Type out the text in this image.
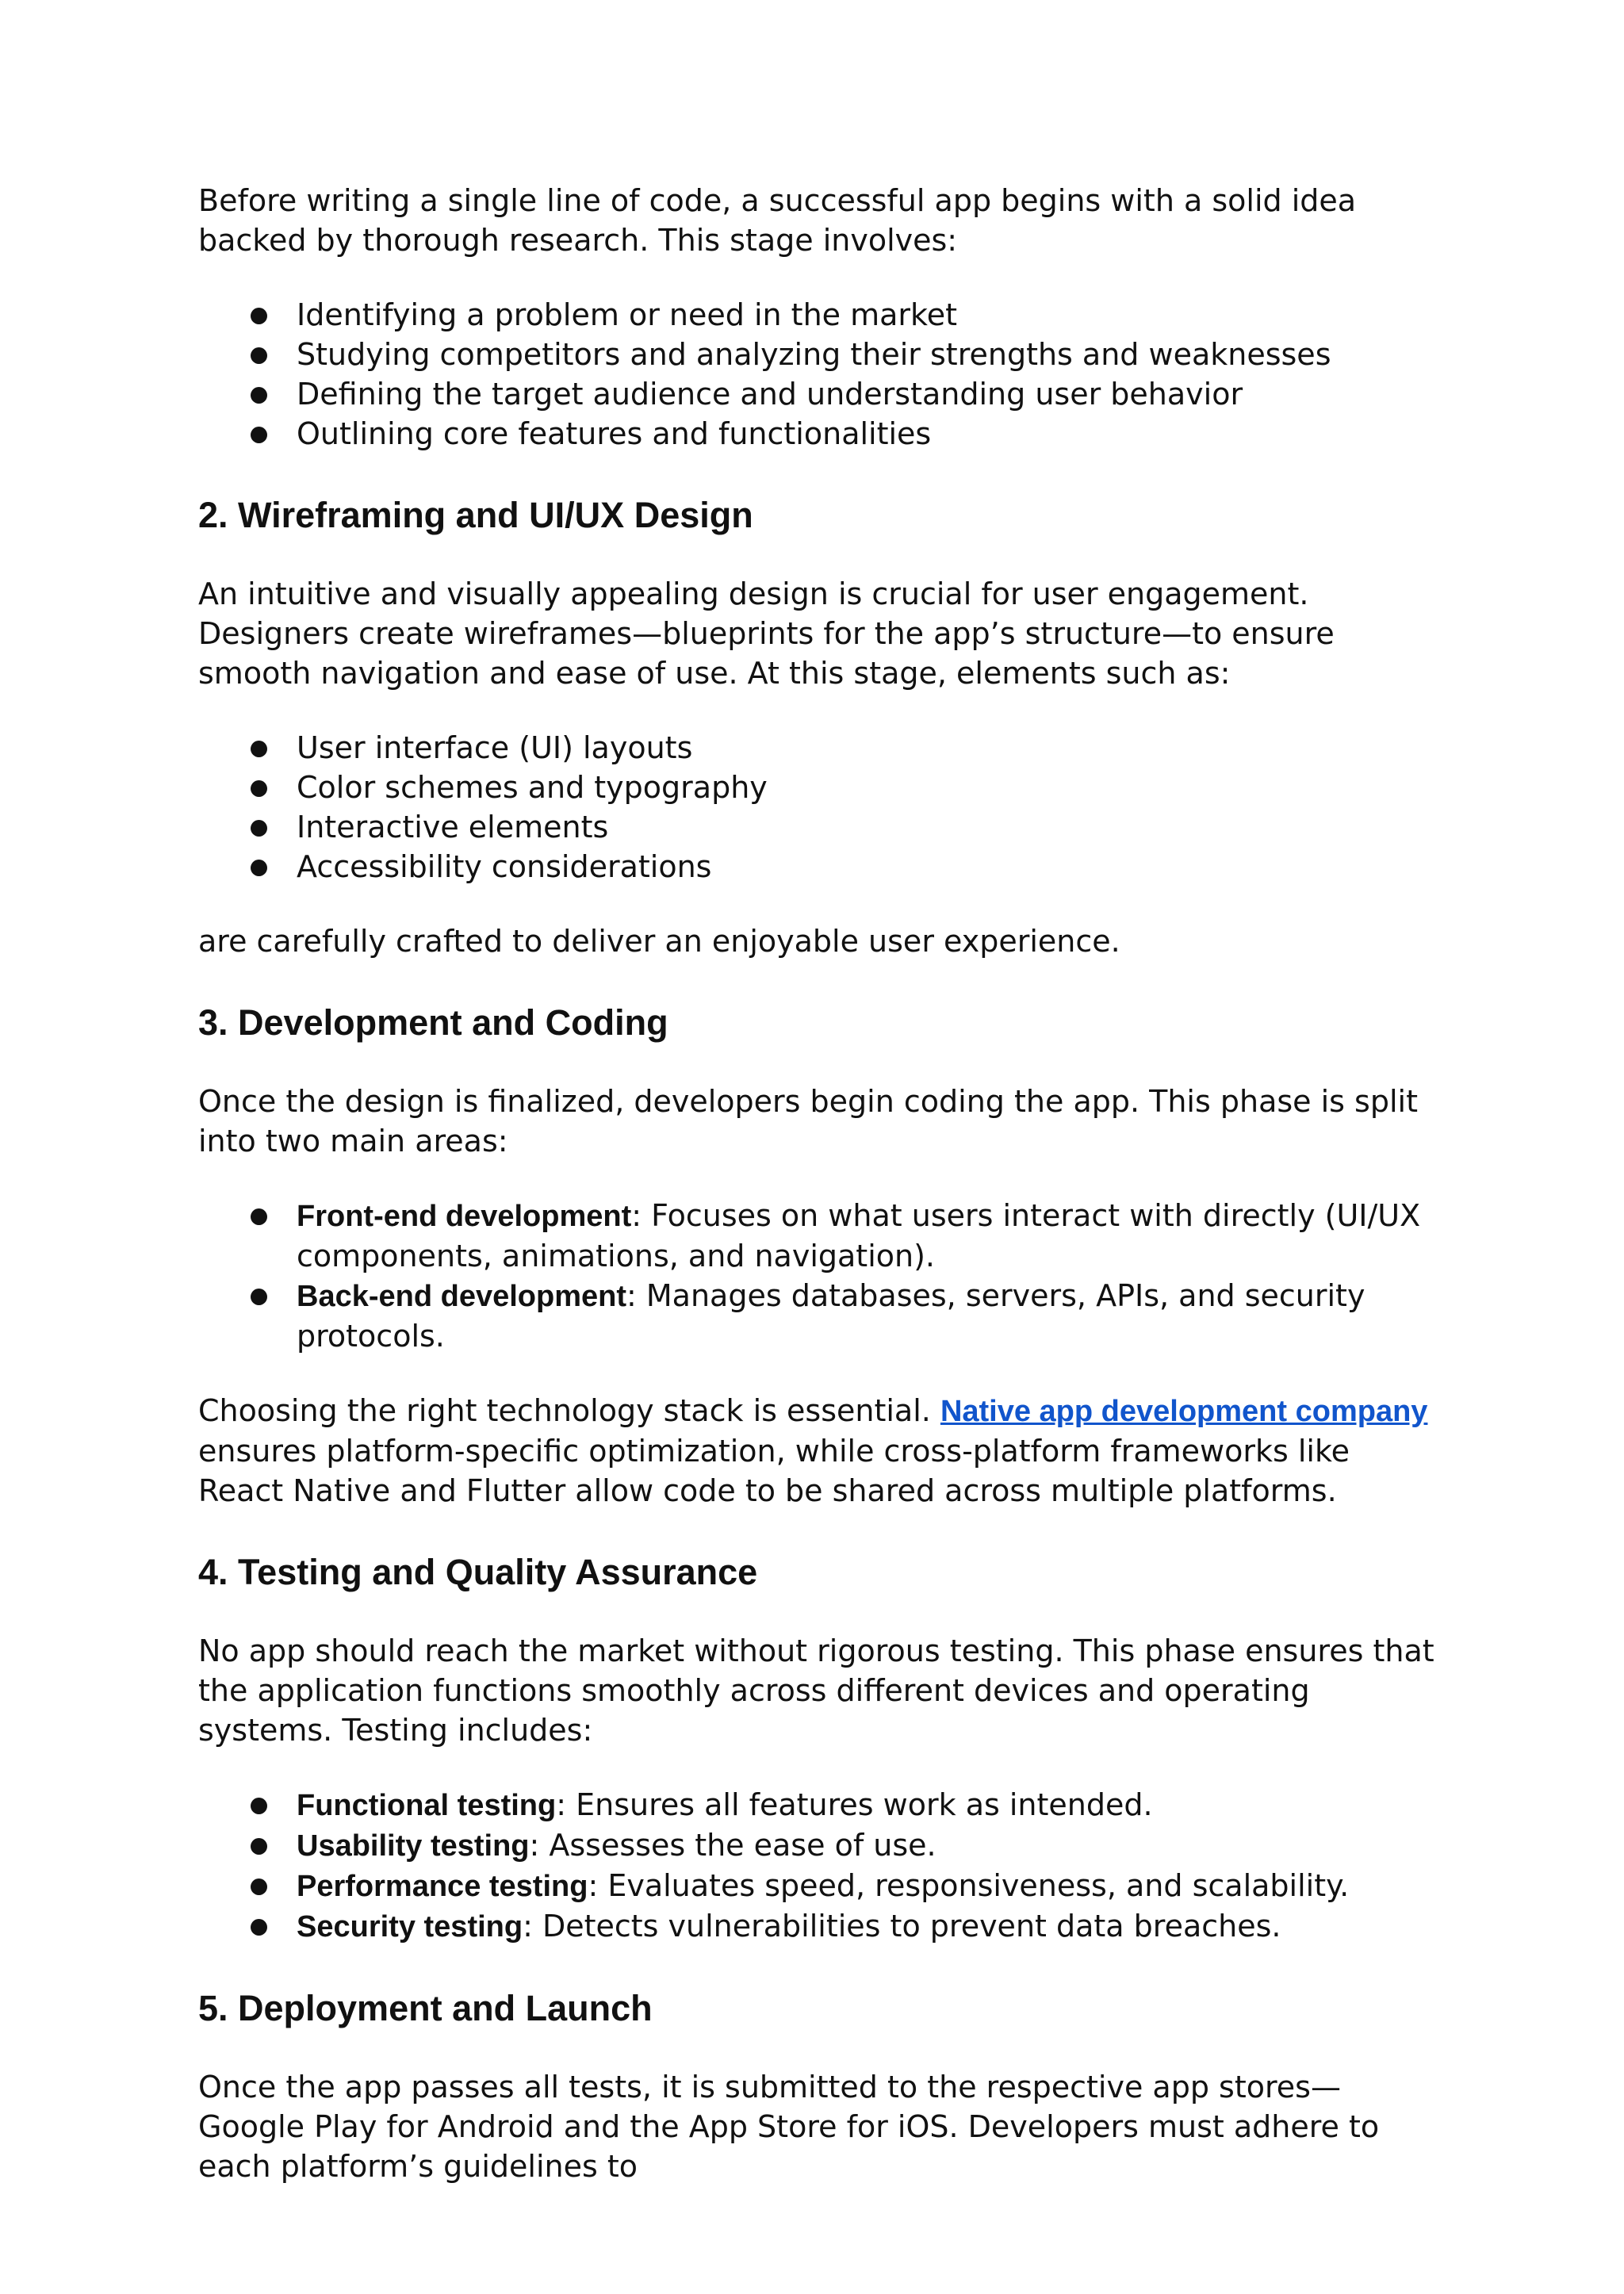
Before writing a single line of code, a successful app begins with a solid idea backed by thorough research. This stage involves:

Identifying a problem or need in the market
Studying competitors and analyzing their strengths and weaknesses
Defining the target audience and understanding user behavior
Outlining core features and functionalities
2. Wireframing and UI/UX Design

An intuitive and visually appealing design is crucial for user engagement. Designers create wireframes—blueprints for the app’s structure—to ensure smooth navigation and ease of use. At this stage, elements such as:

User interface (UI) layouts
Color schemes and typography
Interactive elements
Accessibility considerations

are carefully crafted to deliver an enjoyable user experience.

3. Development and Coding

Once the design is finalized, developers begin coding the app. This phase is split into two main areas:

Front-end development: Focuses on what users interact with directly (UI/UX components, animations, and navigation).
Back-end development: Manages databases, servers, APIs, and security protocols.

Choosing the right technology stack is essential. Native app development company ensures platform-specific optimization, while cross-platform frameworks like React Native and Flutter allow code to be shared across multiple platforms.

4. Testing and Quality Assurance

No app should reach the market without rigorous testing. This phase ensures that the application functions smoothly across different devices and operating systems. Testing includes:

Functional testing: Ensures all features work as intended.
Usability testing: Assesses the ease of use.
Performance testing: Evaluates speed, responsiveness, and scalability.
Security testing: Detects vulnerabilities to prevent data breaches.
5. Deployment and Launch

Once the app passes all tests, it is submitted to the respective app stores—Google Play for Android and the App Store for iOS. Developers must adhere to each platform’s guidelines to
